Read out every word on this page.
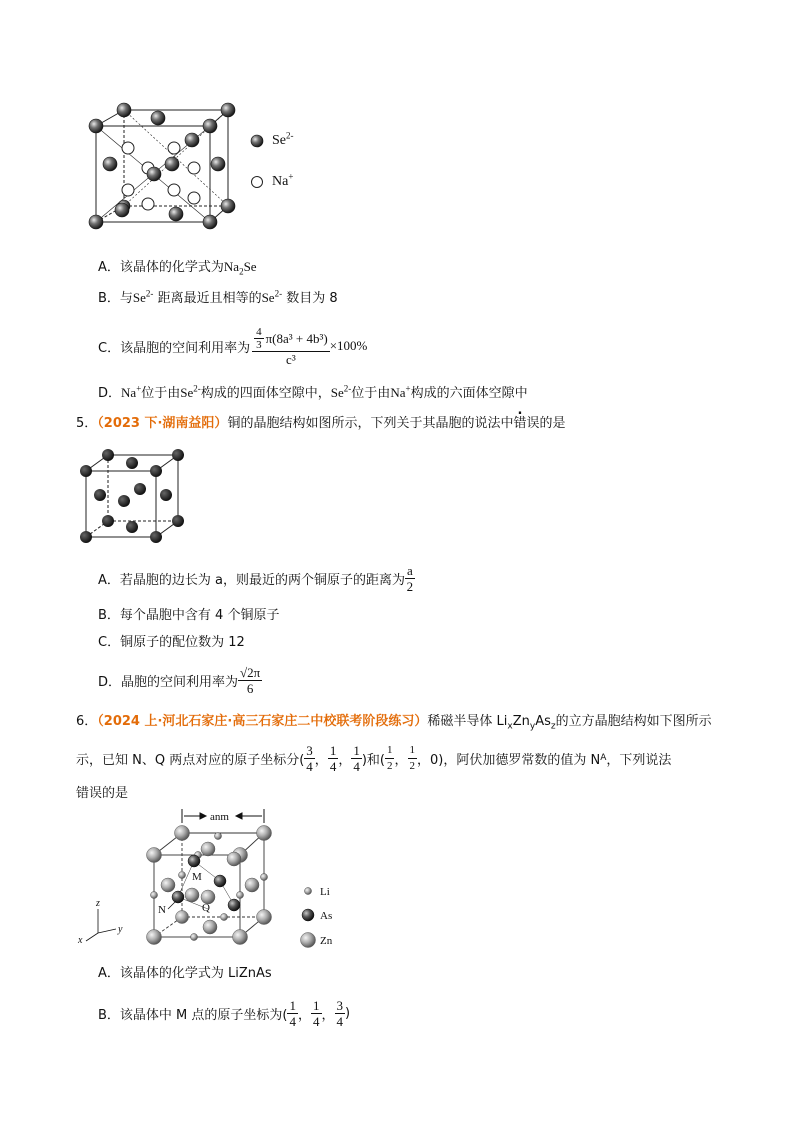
$Se^{2-}$
Na+
A．该晶体的化学式为$Na_2Se$
B．与$Se^{2-}$ 距离最近且相等的$Se^{2-}$ 数目为 8
C．该晶胞的空间利用率为 $\frac{\frac{4}{3} \pi(8a^3 + 4b^3)}{\text{c³}} \times 100\%$
D．Na+位于由$Se^{2-}$构成的四面体空隙中，$Se^{2-}$位于由Na+构成的六面体空隙中
5．（2023 下·湖南益阳）铜的晶胞结构如图所示，下列关于其晶胞的说法中错误的是
A．若晶胞的边长为 a，则最近的两个铜原子的距离为 $\frac{a}{2}$
B．每个晶胞中含有 4 个铜原子
C．铜原子的配位数为 12
D．晶胞的空间利用率为 $\frac{√2\pi}{6}$
6．（2024 上·河北石家庄·高三石家庄二中校联考阶段练习）稀磁半导体 $Li_xZn_yAs_z$的立方晶胞结构如下图所示
示，已知 N、Q 两点对应的原子坐标分( $\frac{3}{4}$ ， $\frac{1}{4}$ ， $\frac{1}{4}$ )和( $\frac{1}{2}$ ， $\frac{1}{2}$ ，0)，阿伏加德罗常数的值为 N A ，下列说法
错误的是
anm
M
N	Q
z
y
x
Li
As
Zn
A．该晶体的化学式为 LiZnAs
B．该晶体中 M 点的原子坐标为( $\frac{1}{4}$ ， $\frac{1}{4}$ ， $\frac{3}{4}$ )
